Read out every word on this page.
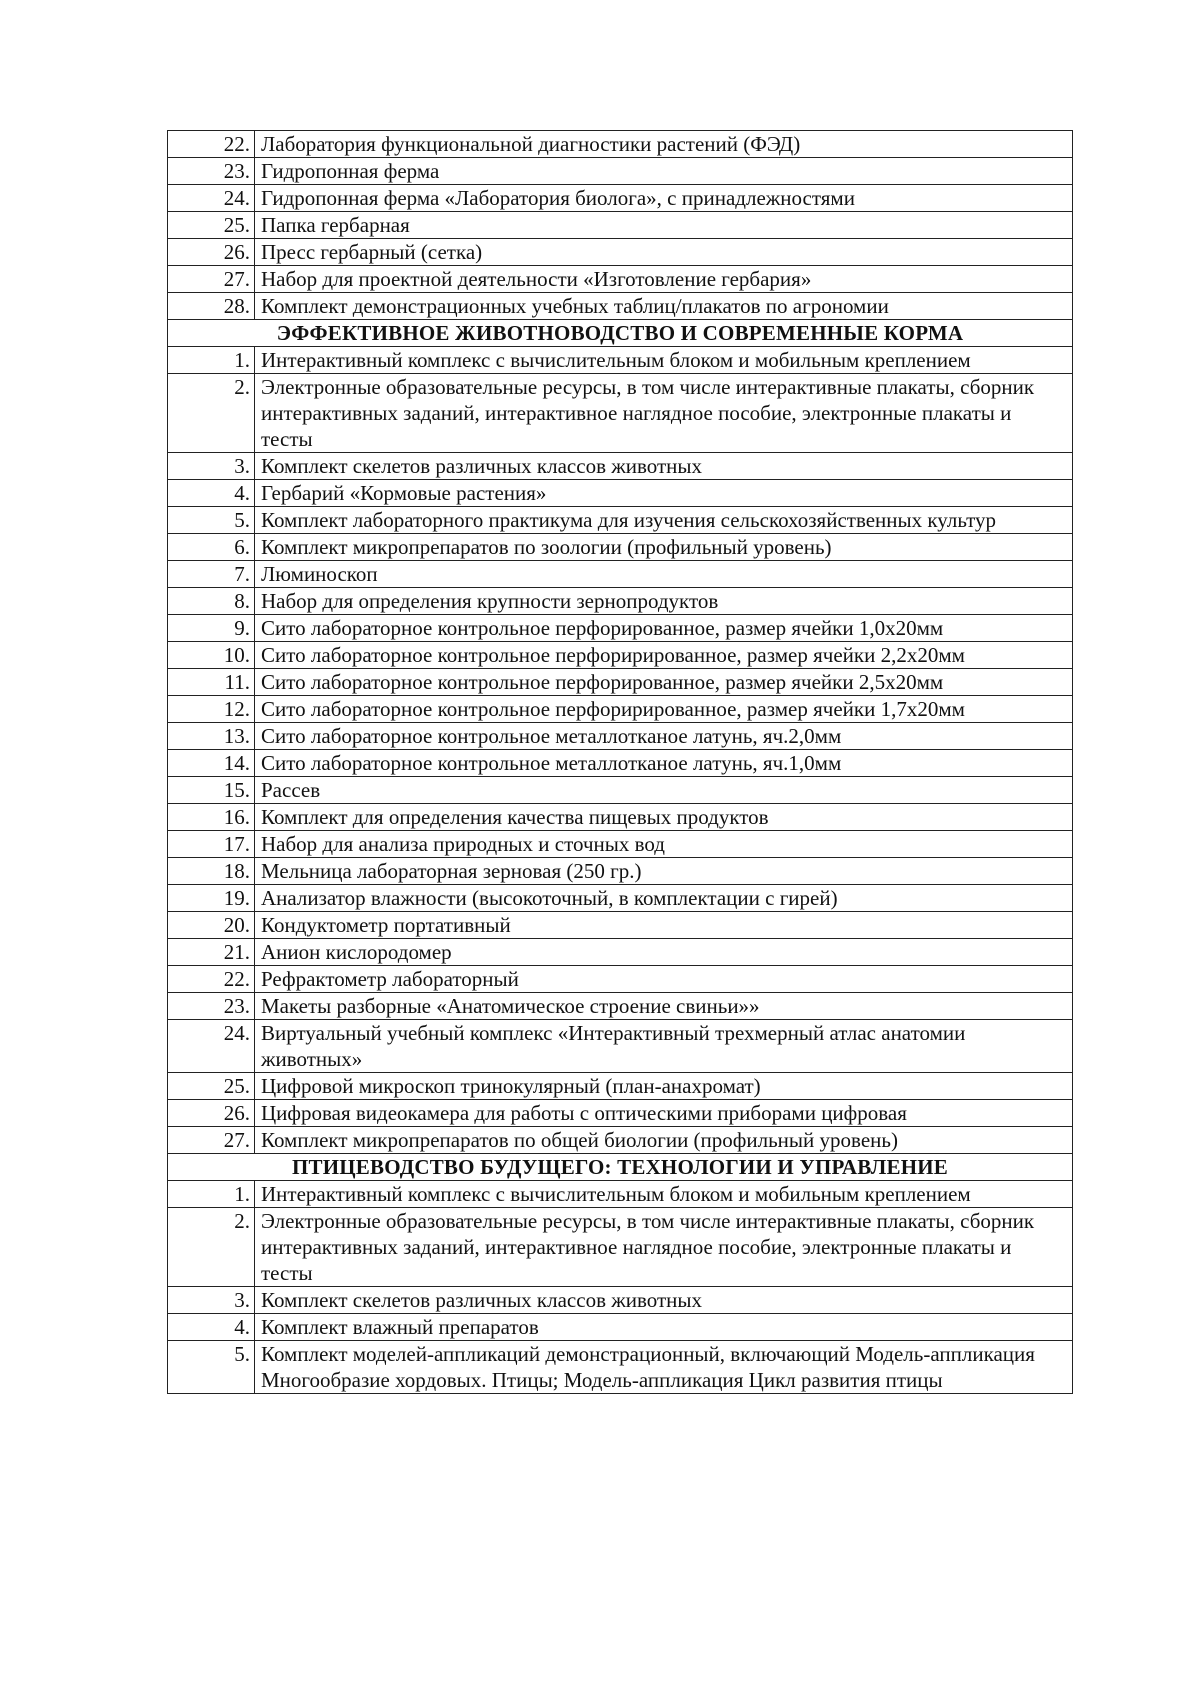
22.	Лаборатория функциональной диагностики растений (ФЭД)
23.	Гидропонная ферма
24.	Гидропонная ферма «Лаборатория биолога», с принадлежностями
25.	Папка гербарная
26.	Пресс гербарный (сетка)
27.	Набор для проектной деятельности «Изготовление гербария»
28.	Комплект демонстрационных учебных таблиц/плакатов по агрономии
ЭФФЕКТИВНОЕ ЖИВОТНОВОДСТВО И СОВРЕМЕННЫЕ КОРМА	
1.	Интерактивный комплекс с вычислительным блоком и мобильным креплением
2.	Электронные образовательные ресурсы, в том числе интерактивные плакаты, сборник интерактивных заданий, интерактивное наглядное пособие, электронные плакаты и тесты
3.	Комплект скелетов различных классов животных
4.	Гербарий «Кормовые растения»
5.	Комплект лабораторного практикума для изучения сельскохозяйственных культур
6.	Комплект микропрепаратов по зоологии (профильный уровень)
7.	Люминоскоп
8.	Набор для определения крупности зернопродуктов
9.	Сито лабораторное контрольное перфорированное, размер ячейки 1,0х20мм
10.	Сито лабораторное контрольное перфорирированное, размер ячейки 2,2х20мм
11.	Сито лабораторное контрольное перфорированное, размер ячейки 2,5х20мм
12.	Сито лабораторное контрольное перфорирированное, размер ячейки 1,7х20мм
13.	Сито лабораторное контрольное металлотканое латунь, яч.2,0мм
14.	Сито лабораторное контрольное металлотканое латунь, яч.1,0мм
15.	Рассев
16.	Комплект для определения качества пищевых продуктов
17.	Набор для анализа природных и сточных вод
18.	Мельница лабораторная зерновая (250 гр.)
19.	Анализатор влажности (высокоточный, в комплектации с гирей)
20.	Кондуктометр портативный
21.	Анион кислородомер
22.	Рефрактометр лабораторный
23.	Макеты разборные «Анатомическое строение свиньи»»
24.	Виртуальный учебный комплекс «Интерактивный трехмерный атлас анатомии животных»
25.	Цифровой микроскоп тринокулярный (план-анахромат)
26.	Цифровая видеокамера для работы с оптическими приборами цифровая
27.	Комплект микропрепаратов по общей биологии (профильный уровень)
ПТИЦЕВОДСТВО БУДУЩЕГО: ТЕХНОЛОГИИ И УПРАВЛЕНИЕ	
1.	Интерактивный комплекс с вычислительным блоком и мобильным креплением
2.	Электронные образовательные ресурсы, в том числе интерактивные плакаты, сборник интерактивных заданий, интерактивное наглядное пособие, электронные плакаты и тесты
3.	Комплект скелетов различных классов животных
4.	Комплект влажный препаратов
5.	Комплект моделей-аппликаций демонстрационный, включающий Модель-аппликация Многообразие хордовых. Птицы; Модель-аппликация Цикл развития птицы
